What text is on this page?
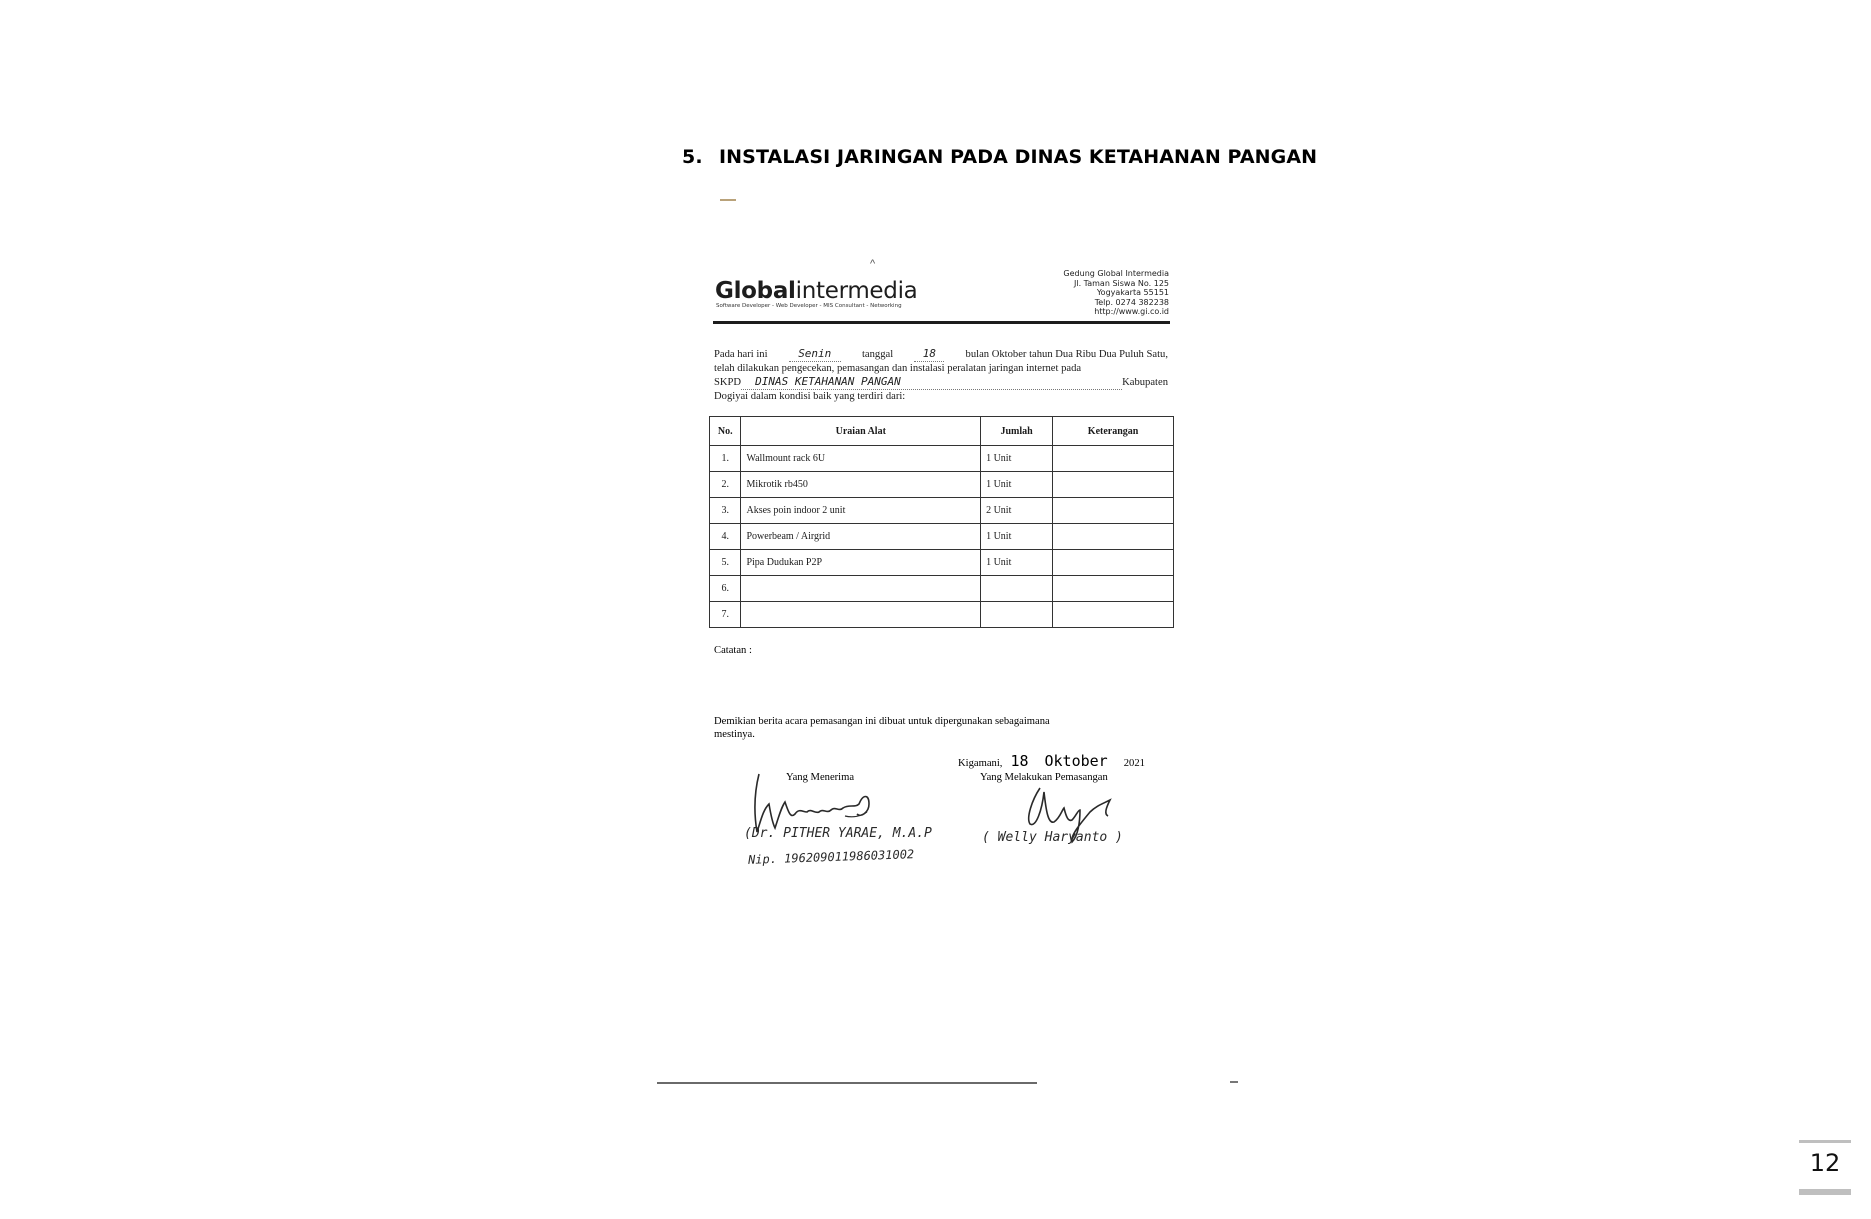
5. INSTALASI JARINGAN PADA DINAS KETAHANAN PANGAN
^
Globalintermedia
Software Developer - Web Developer - MIS Consultant - Networking
Gedung Global Intermedia
Jl. Taman Siswa No. 125
Yogyakarta 55151
Telp. 0274 382238
http://www.gi.co.id
Pada hari ini	Senin	tanggal	18	bulan Oktober tahun Dua Ribu Dua Puluh Satu,
telah dilakukan pengecekan, pemasangan dan instalasi peralatan jaringan internet pada
SKPD	DINAS KETAHANAN PANGAN	Kabupaten
Dogiyai dalam kondisi baik yang terdiri dari:
No.	Uraian Alat	Jumlah	Keterangan
1.	Wallmount rack 6U	1 Unit	
2.	Mikrotik rb450	1 Unit	
3.	Akses poin indoor 2 unit	2 Unit	
4.	Powerbeam / Airgrid	1 Unit	
5.	Pipa Dudukan P2P	1 Unit	
6.			
7.			
Catatan :
Demikian berita acara pemasangan ini dibuat untuk dipergunakan sebagaimana
mestinya.
Kigamani, 18 Oktober 2021
Yang Menerima	Yang Melakukan Pemasangan
(Dr. PITHER YARAE, M.A.P
Nip. 196209011986031002
( Welly Haryanto )
12
